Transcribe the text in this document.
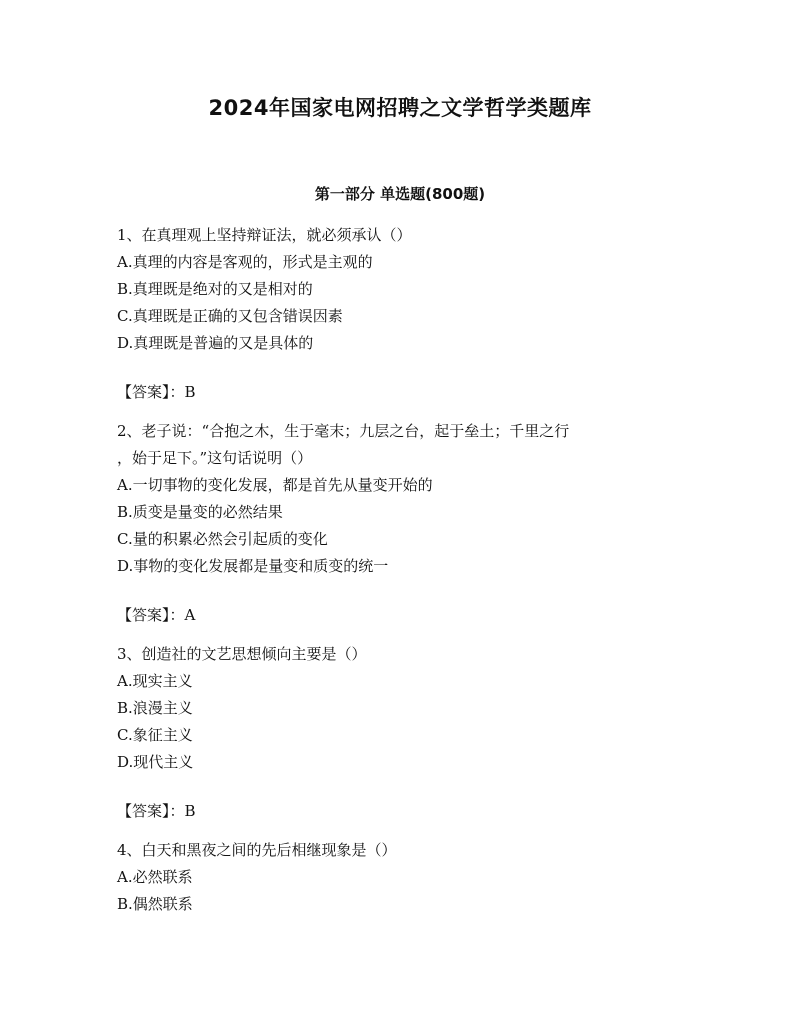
2024年国家电网招聘之文学哲学类题库
第一部分 单选题(800题)
1、在真理观上坚持辩证法，就必须承认（）
A.真理的内容是客观的，形式是主观的
B.真理既是绝对的又是相对的
C.真理既是正确的又包含错误因素
D.真理既是普遍的又是具体的
【答案】：B
2、老子说：“合抱之木，生于毫末；九层之台，起于垒土；千里之行
，始于足下。”这句话说明（）
A.一切事物的变化发展，都是首先从量变开始的
B.质变是量变的必然结果
C.量的积累必然会引起质的变化
D.事物的变化发展都是量变和质变的统一
【答案】：A
3、创造社的文艺思想倾向主要是（）
A.现实主义
B.浪漫主义
C.象征主义
D.现代主义
【答案】：B
4、白天和黑夜之间的先后相继现象是（）
A.必然联系
B.偶然联系
